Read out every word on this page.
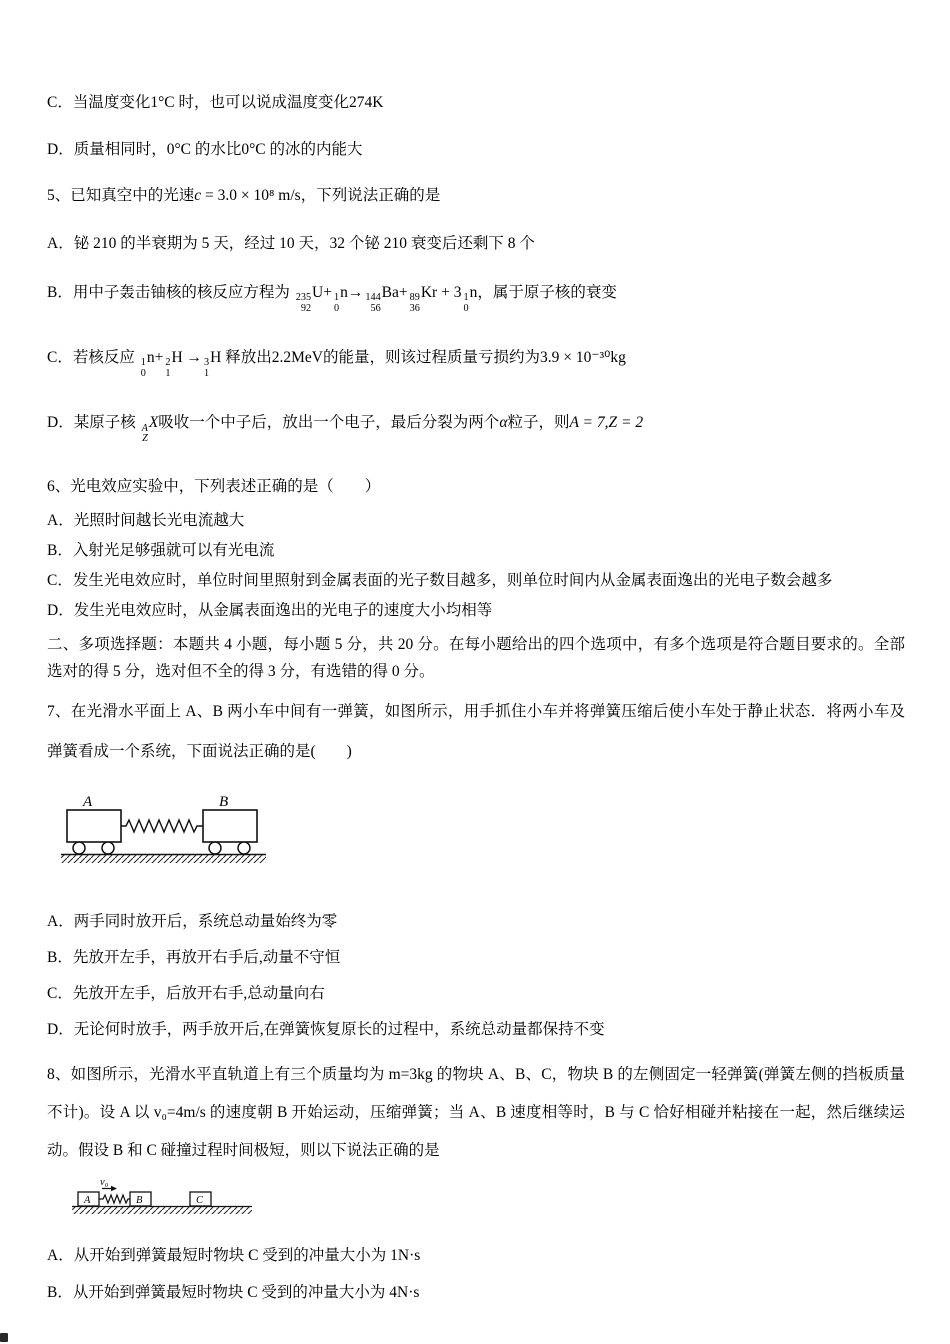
C．当温度变化1°C 时，也可以说成温度变化274K
D．质量相同时，0°C 的水比0°C 的冰的内能大
5、已知真空中的光速c = 3.0 × 10⁸ m/s，下列说法正确的是
A．铋 210 的半衰期为 5 天，经过 10 天，32 个铋 210 衰变后还剩下 8 个
B．用中子轰击铀核的核反应方程为 235
92
U+ 1
0
n→ 144
56
Ba+ 89
36
Kr + 3 1
0
n，属于原子核的衰变
C．若核反应 1
0
n+ 2
1
H → 3
1
H 释放出2.2MeV的能量，则该过程质量亏损约为3.9 × 10⁻³⁰kg
D．某原子核 A
Z
X吸收一个中子后，放出一个电子，最后分裂为两个α粒子，则A = 7,Z = 2
6、光电效应实验中，下列表述正确的是（　　）
A．光照时间越长光电流越大
B．入射光足够强就可以有光电流
C．发生光电效应时，单位时间里照射到金属表面的光子数目越多，则单位时间内从金属表面逸出的光电子数会越多
D．发生光电效应时，从金属表面逸出的光电子的速度大小均相等
二、多项选择题：本题共 4 小题，每小题 5 分，共 20 分。在每小题给出的四个选项中，有多个选项是符合题目要求的。全部选对的得 5 分，选对但不全的得 3 分，有选错的得 0 分。
7、在光滑水平面上 A、B 两小车中间有一弹簧，如图所示，用手抓住小车并将弹簧压缩后使小车处于静止状态．将两小车及弹簧看成一个系统，下面说法正确的是(　　)
A	B
A．两手同时放开后，系统总动量始终为零
B．先放开左手，再放开右手后,动量不守恒
C．先放开左手，后放开右手,总动量向右
D．无论何时放手，两手放开后,在弹簧恢复原长的过程中，系统总动量都保持不变
8、如图所示，光滑水平直轨道上有三个质量均为 m=3kg 的物块 A、B、C，物块 B 的左侧固定一轻弹簧(弹簧左侧的挡板质量不计)。设 A 以 v₀=4m/s 的速度朝 B 开始运动，压缩弹簧；当 A、B 速度相等时，B 与 C 恰好相碰并粘接在一起，然后继续运动。假设 B 和 C 碰撞过程时间极短，则以下说法正确的是
A
v₀
B	C
A．从开始到弹簧最短时物块 C 受到的冲量大小为 1N·s
B．从开始到弹簧最短时物块 C 受到的冲量大小为 4N·s
